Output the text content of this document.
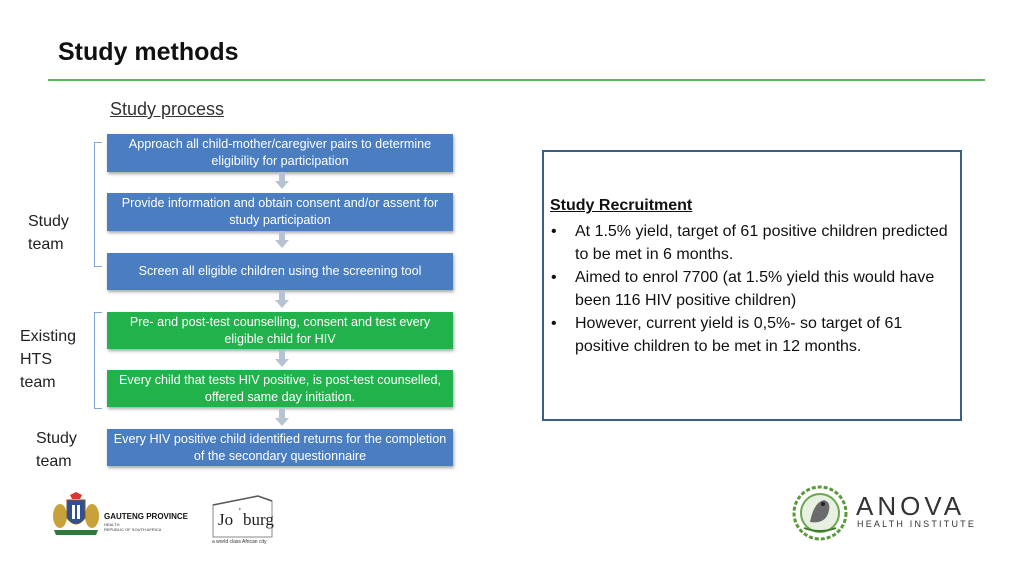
Study methods
Study process
Approach all child-mother/caregiver pairs to determine eligibility for participation
Provide information and obtain consent and/or assent for study participation
Screen all eligible children using the screening tool
Pre- and post-test counselling, consent and test every eligible child for HIV
Every child that tests HIV positive, is post-test counselled, offered same day initiation.
Every HIV positive child identified returns for the completion of the secondary questionnaire
Study
team
Existing
HTS
team
Study
team
Study Recruitment
• At 1.5% yield, target of 61 positive children predicted to be met in 6 months.
• Aimed to enrol 7700 (at 1.5% yield this would have been 116 HIV positive children)
• However, current yield is 0,5%- so target of 61 positive children to be met in 12 months.
GAUTENG PROVINCE
HEALTH
REPUBLIC OF SOUTH AFRICA
Jo ' burg
a world class African city
ANOVA
HEALTH INSTITUTE
